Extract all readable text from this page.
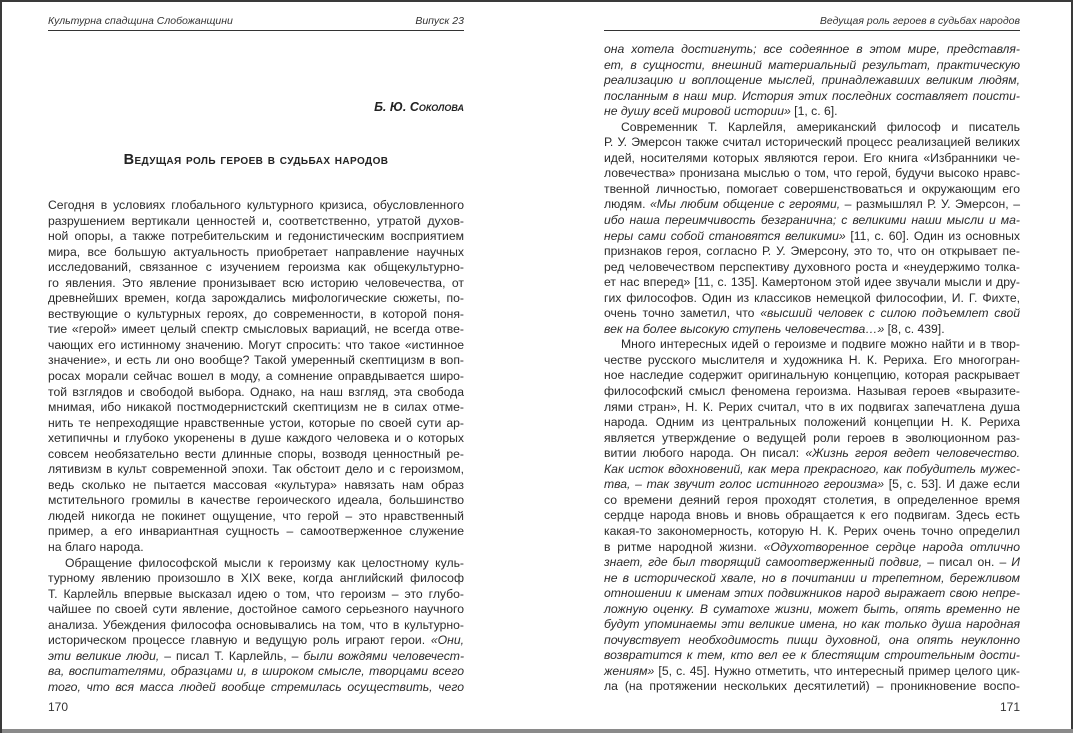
Культурна спадщина Слобожанщини	Випуск 23
Б. Ю. Соколова
Ведущая роль героев в судьбах народов
Сегодня в условиях глобального культурного кризиса, обусловленного
разрушением вертикали ценностей и, соответственно, утратой духов-
ной опоры, а также потребительским и гедонистическим восприятием
мира, все большую актуальность приобретает направление научных
исследований, связанное с изучением героизма как общекультурно-
го явления. Это явление пронизывает всю историю человечества, от
древнейших времен, когда зарождались мифологические сюжеты, по-
вествующие о культурных героях, до современности, в которой поня-
тие «герой» имеет целый спектр смысловых вариаций, не всегда отве-
чающих его истинному значению. Могут спросить: что такое «истинное
значение», и есть ли оно вообще? Такой умеренный скептицизм в воп-
росах морали сейчас вошел в моду, а сомнение оправдывается широ-
той взглядов и свободой выбора. Однако, на наш взгляд, эта свобода
мнимая, ибо никакой постмодернистский скептицизм не в силах отме-
нить те непреходящие нравственные устои, которые по своей сути ар-
хетипичны и глубоко укоренены в душе каждого человека и о которых
совсем необязательно вести длинные споры, возводя ценностный ре-
лятивизм в культ современной эпохи. Так обстоит дело и с героизмом,
ведь сколько не пытается массовая «культура» навязать нам образ
мстительного громилы в качестве героического идеала, большинство
людей никогда не покинет ощущение, что герой – это нравственный
пример, а его инвариантная сущность – самоотверженное служение
на благо народа.
Обращение философской мысли к героизму как целостному куль-
турному явлению произошло в XIX веке, когда английский философ
Т. Карлейль впервые высказал идею о том, что героизм – это глубо-
чайшее по своей сути явление, достойное самого серьезного научного
анализа. Убеждения философа основывались на том, что в культурно-
историческом процессе главную и ведущую роль играют герои. «Они,
эти великие люди, – писал Т. Карлейль, – были вождями человечест-
ва, воспитателями, образцами и, в широком смысле, творцами всего
того, что вся масса людей вообще стремилась осуществить, чего
170
Ведущая роль героев в судьбах народов
она хотела достигнуть; все содеянное в этом мире, представля-
ет, в сущности, внешний материальный результат, практическую
реализацию и воплощение мыслей, принадлежавших великим людям,
посланным в наш мир. История этих последних составляет поисти-
не душу всей мировой истории» [1, с. 6].
Современник Т. Карлейля, американский философ и писатель
Р. У. Эмерсон также считал исторический процесс реализацией великих
идей, носителями которых являются герои. Его книга «Избранники че-
ловечества» пронизана мыслью о том, что герой, будучи высоко нравс-
твенной личностью, помогает совершенствоваться и окружающим его
людям. «Мы любим общение с героями, – размышлял Р. У. Эмерсон, –
ибо наша переимчивость безгранична; с великими наши мысли и ма-
неры сами собой становятся великими» [11, с. 60]. Один из основных
признаков героя, согласно Р. У. Эмерсону, это то, что он открывает пе-
ред человечеством перспективу духовного роста и «неудержимо толка-
ет нас вперед» [11, с. 135]. Камертоном этой идее звучали мысли и дру-
гих философов. Один из классиков немецкой философии, И. Г. Фихте,
очень точно заметил, что «высший человек с силою подъемлет свой
век на более высокую ступень человечества…» [8, с. 439].
Много интересных идей о героизме и подвиге можно найти и в твор-
честве русского мыслителя и художника Н. К. Рериха. Его многогран-
ное наследие содержит оригинальную концепцию, которая раскрывает
философский смысл феномена героизма. Называя героев «выразите-
лями стран», Н. К. Рерих считал, что в их подвигах запечатлена душа
народа. Одним из центральных положений концепции Н. К. Рериха
является утверждение о ведущей роли героев в эволюционном раз-
витии любого народа. Он писал: «Жизнь героя ведет человечество.
Как исток вдохновений, как мера прекрасного, как побудитель мужес-
тва, – так звучит голос истинного героизма» [5, с. 53]. И даже если
со времени деяний героя проходят столетия, в определенное время
сердце народа вновь и вновь обращается к его подвигам. Здесь есть
какая-то закономерность, которую Н. К. Рерих очень точно определил
в ритме народной жизни. «Одухотворенное сердце народа отлично
знает, где был творящий самоотверженный подвиг, – писал он. – И
не в исторической хвале, но в почитании и трепетном, бережливом
отношении к именам этих подвижников народ выражает свою непре-
ложную оценку. В суматохе жизни, может быть, опять временно не
будут упоминаемы эти великие имена, но как только душа народная
почувствует необходимость пищи духовной, она опять неуклонно
возвратится к тем, кто вел ее к блестящим строительным дости-
жениям» [5, с. 45]. Нужно отметить, что интересный пример целого цик-
ла (на протяжении нескольких десятилетий) – проникновение воспо-
171
